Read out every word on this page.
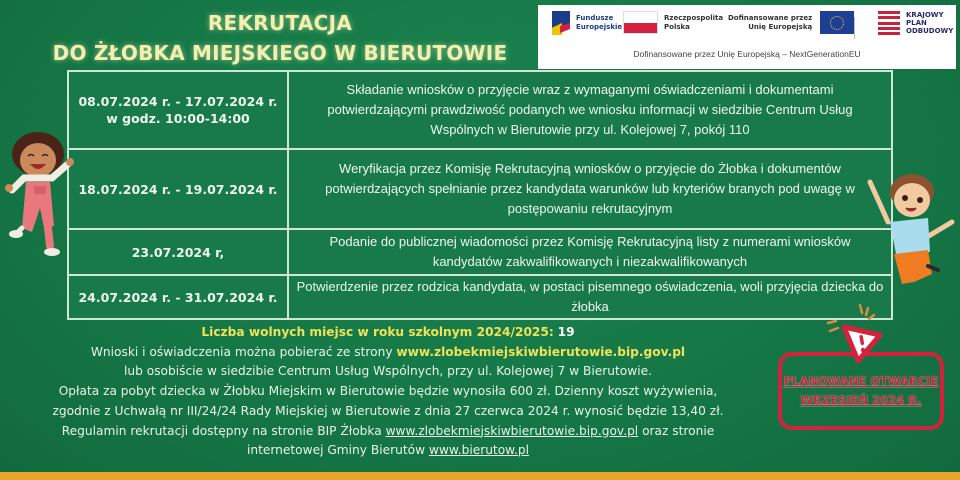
REKRUTACJA
DO ŻŁOBKA MIEJSKIEGO W BIERUTOWIE
Fundusze
Europejskie
Rzeczpospolita
Polska
Dofinansowane przez
Unię Europejską
KRAJOWY
PLAN
ODBUDOWY
Dofinansowane przez Unię Europejską – NextGenerationEU
08.07.2024 r. - 17.07.2024 r.
w godz. 10:00-14:00	Składanie wniosków o przyjęcie wraz z wymaganymi oświadczeniami i dokumentami potwierdzającymi prawdziwość podanych we wniosku informacji w siedzibie Centrum Usług Wspólnych w Bierutowie przy ul. Kolejowej 7, pokój 110
18.07.2024 r. - 19.07.2024 r.	Weryfikacja przez Komisję Rekrutacyjną wniosków o przyjęcie do Żłobka i dokumentów potwierdzających spełnianie przez kandydata warunków lub kryteriów branych pod uwagę w postępowaniu rekrutacyjnym
23.07.2024 r,	Podanie do publicznej wiadomości przez Komisję Rekrutacyjną listy z numerami wniosków kandydatów zakwalifikowanych i niezakwalifikowanych
24.07.2024 r. - 31.07.2024 r.	Potwierdzenie przez rodzica kandydata, w postaci pisemnego oświadczenia, woli przyjęcia dziecka do żłobka
Liczba wolnych miejsc w roku szkolnym 2024/2025: 19
Wnioski i oświadczenia można pobierać ze strony www.zlobekmiejskiwbierutowie.bip.gov.pl
lub osobiście w siedzibie Centrum Usług Wspólnych, przy ul. Kolejowej 7 w Bierutowie.
Opłata za pobyt dziecka w Żłobku Miejskim w Bierutowie będzie wynosiła 600 zł. Dzienny koszt wyżywienia,
zgodnie z Uchwałą nr III/24/24 Rady Miejskiej w Bierutowie z dnia 27 czerwca 2024 r. wynosić będzie 13,40 zł.
Regulamin rekrutacji dostępny na stronie BIP Żłobka www.zlobekmiejskiwbierutowie.bip.gov.pl oraz stronie
internetowej Gminy Bierutów www.bierutow.pl
PLANOWANE OTWARCIE
WRZESIEŃ 2024 R.
